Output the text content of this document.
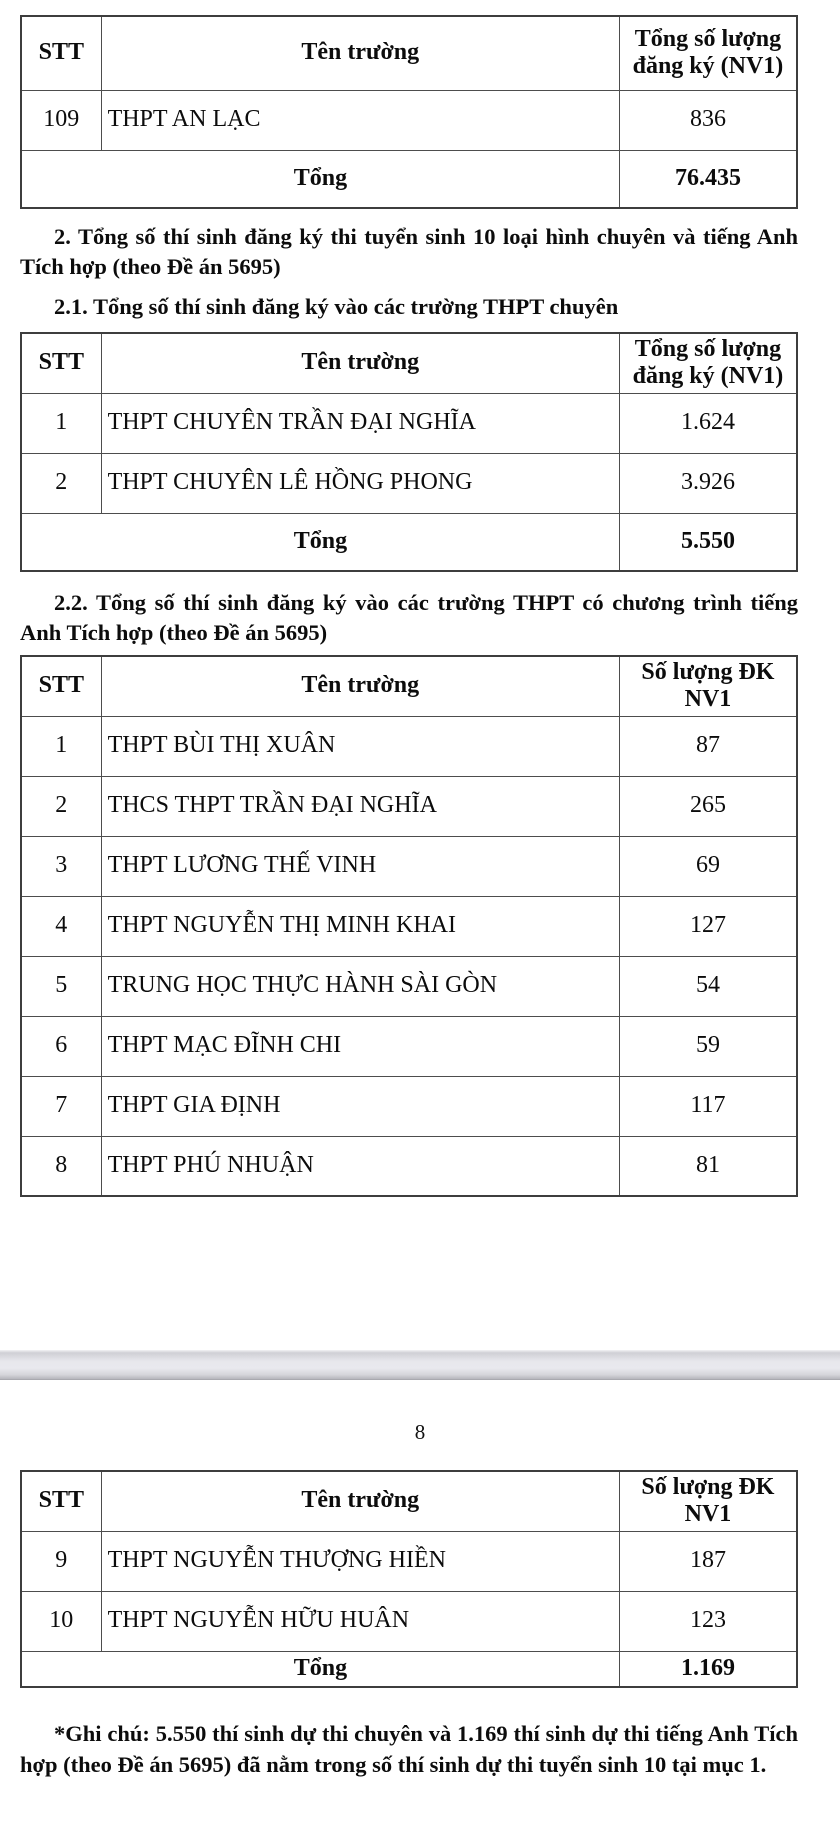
STT	Tên trường	Tổng số lượng đăng ký (NV1)
109	THPT AN LẠC	836
Tổng		76.435

2. Tổng số thí sinh đăng ký thi tuyển sinh 10 loại hình chuyên và tiếng Anh Tích hợp (theo Đề án 5695)

2.1. Tổng số thí sinh đăng ký vào các trường THPT chuyên

STT	Tên trường	Tổng số lượng đăng ký (NV1)
1	THPT CHUYÊN TRẦN ĐẠI NGHĨA	1.624
2	THPT CHUYÊN LÊ HỒNG PHONG	3.926
Tổng		5.550

2.2. Tổng số thí sinh đăng ký vào các trường THPT có chương trình tiếng Anh Tích hợp (theo Đề án 5695)

STT	Tên trường	Số lượng ĐK NV1
1	THPT BÙI THỊ XUÂN	87
2	THCS THPT TRẦN ĐẠI NGHĨA	265
3	THPT LƯƠNG THẾ VINH	69
4	THPT NGUYỄN THỊ MINH KHAI	127
5	TRUNG HỌC THỰC HÀNH SÀI GÒN	54
6	THPT MẠC ĐĨNH CHI	59
7	THPT GIA ĐỊNH	117
8	THPT PHÚ NHUẬN	81
8
STT	Tên trường	Số lượng ĐK NV1
9	THPT NGUYỄN THƯỢNG HIỀN	187
10	THPT NGUYỄN HỮU HUÂN	123
Tổng		1.169

*Ghi chú: 5.550 thí sinh dự thi chuyên và 1.169 thí sinh dự thi tiếng Anh Tích hợp (theo Đề án 5695) đã nằm trong số thí sinh dự thi tuyển sinh 10 tại mục 1.
